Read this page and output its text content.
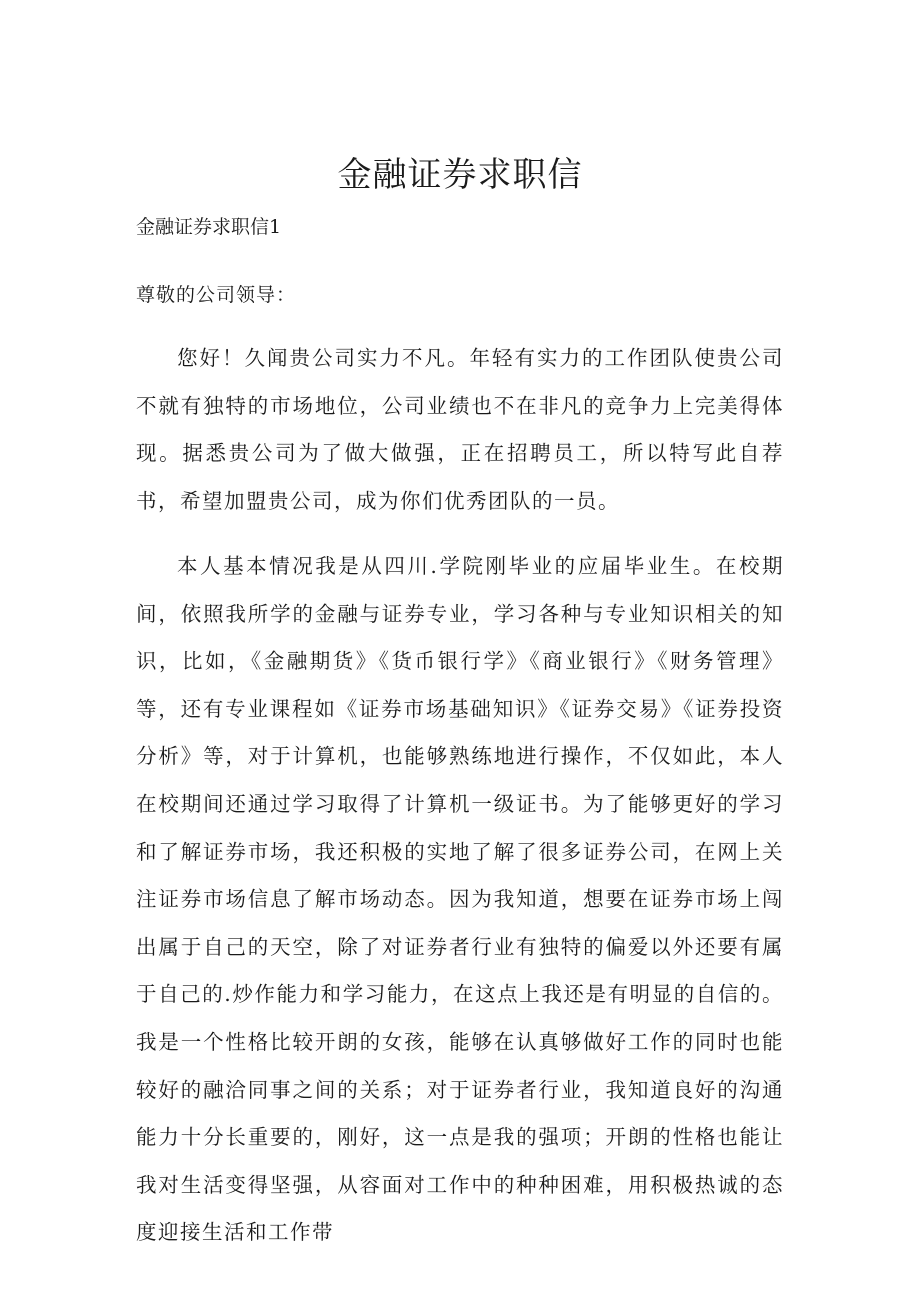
金融证券求职信

金融证券求职信1

尊敬的公司领导：

您好！久闻贵公司实力不凡。年轻有实力的工作团队使贵公司不就有独特的市场地位，公司业绩也不在非凡的竞争力上完美得体现。据悉贵公司为了做大做强，正在招聘员工，所以特写此自荐书，希望加盟贵公司，成为你们优秀团队的一员。

本人基本情况我是从四川.学院刚毕业的应届毕业生。在校期间，依照我所学的金融与证券专业，学习各种与专业知识相关的知识，比如，《金融期货》《货币银行学》《商业银行》《财务管理》等，还有专业课程如《证券市场基础知识》《证券交易》《证券投资分析》等，对于计算机，也能够熟练地进行操作，不仅如此，本人在校期间还通过学习取得了计算机一级证书。为了能够更好的学习和了解证券市场，我还积极的实地了解了很多证券公司，在网上关注证券市场信息了解市场动态。因为我知道，想要在证券市场上闯出属于自己的天空，除了对证券者行业有独特的偏爱以外还要有属于自己的.炒作能力和学习能力，在这点上我还是有明显的自信的。我是一个性格比较开朗的女孩，能够在认真够做好工作的同时也能较好的融洽同事之间的关系；对于证券者行业，我知道良好的沟通能力十分长重要的，刚好，这一点是我的强项；开朗的性格也能让我对生活变得坚强，从容面对工作中的种种困难，用积极热诚的态度迎接生活和工作带
